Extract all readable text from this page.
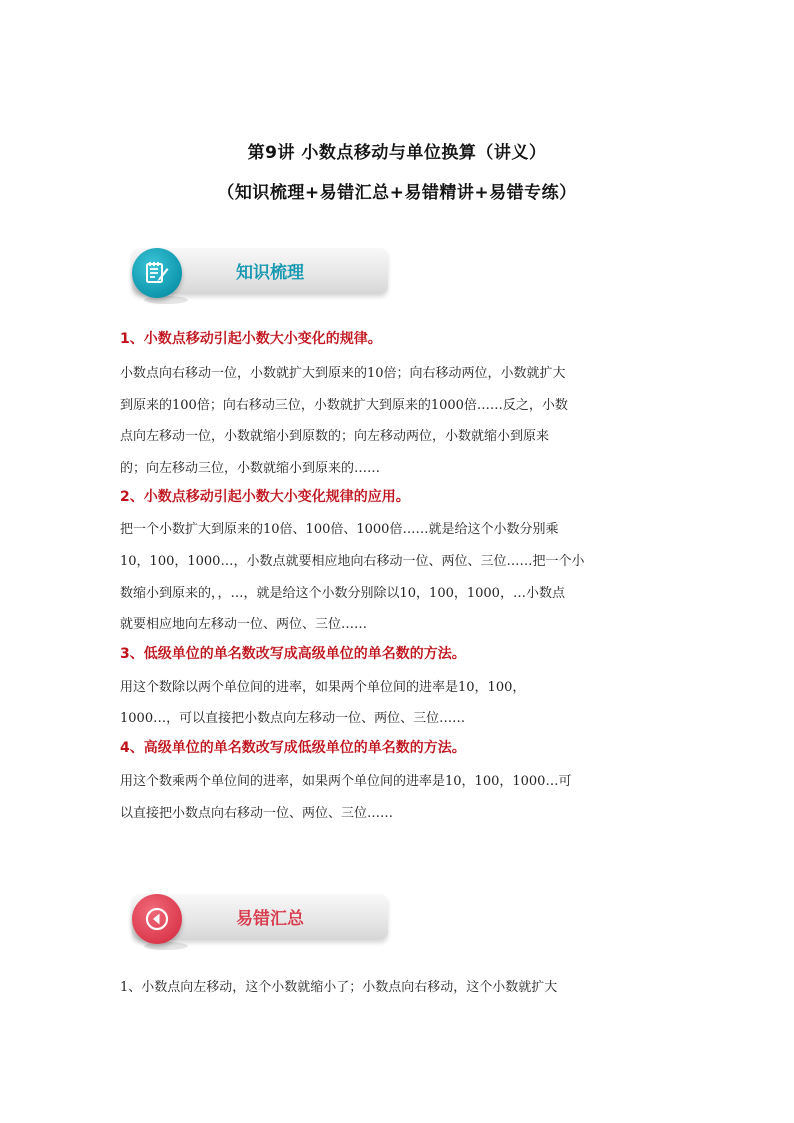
第9讲 小数点移动与单位换算（讲义）
（知识梳理+易错汇总+易错精讲+易错专练）
知识梳理
1、小数点移动引起小数大小变化的规律。
小数点向右移动一位，小数就扩大到原来的10倍；向右移动两位，小数就扩大
到原来的100倍；向右移动三位，小数就扩大到原来的1000倍……反之，小数
点向左移动一位，小数就缩小到原数的；向左移动两位，小数就缩小到原来
的；向左移动三位，小数就缩小到原来的……
2、小数点移动引起小数大小变化规律的应用。
把一个小数扩大到原来的10倍、100倍、1000倍……就是给这个小数分别乘
10，100，1000…，小数点就要相应地向右移动一位、两位、三位……把一个小
数缩小到原来的，，…，就是给这个小数分别除以10，100，1000，…小数点
就要相应地向左移动一位、两位、三位……
3、低级单位的单名数改写成高级单位的单名数的方法。
用这个数除以两个单位间的进率，如果两个单位间的进率是10，100，
1000…，可以直接把小数点向左移动一位、两位、三位……
4、高级单位的单名数改写成低级单位的单名数的方法。
用这个数乘两个单位间的进率，如果两个单位间的进率是10，100，1000…可
以直接把小数点向右移动一位、两位、三位……
易错汇总
1、小数点向左移动，这个小数就缩小了；小数点向右移动，这个小数就扩大
